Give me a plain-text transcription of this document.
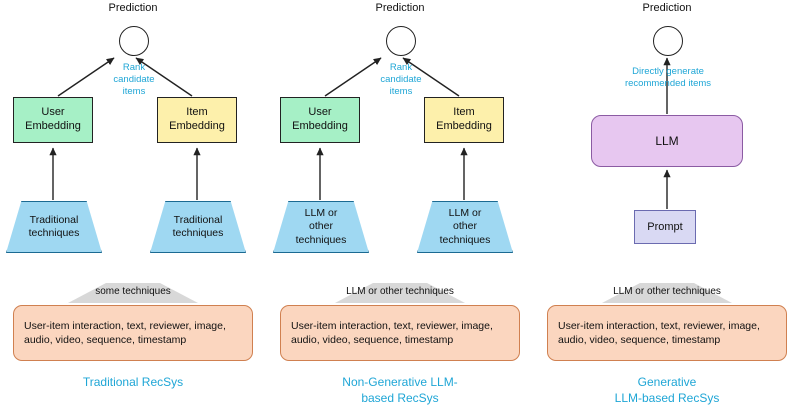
Prediction
Rank
candidate
items
User
Embedding
Item
Embedding
Traditional
techniques
Traditional
techniques
some techniques
User-item interaction, text, reviewer, image, audio, video, sequence, timestamp
Traditional RecSys
Prediction
Rank
candidate
items
User
Embedding
Item
Embedding
LLM or
other
techniques
LLM or
other
techniques
LLM or other techniques
User-item interaction, text, reviewer, image, audio, video, sequence, timestamp
Non-Generative LLM-
based RecSys
Prediction
Directly generate
recommended items
LLM
Prompt
LLM or other techniques
User-item interaction, text, reviewer, image, audio, video, sequence, timestamp
Generative
LLM-based RecSys
